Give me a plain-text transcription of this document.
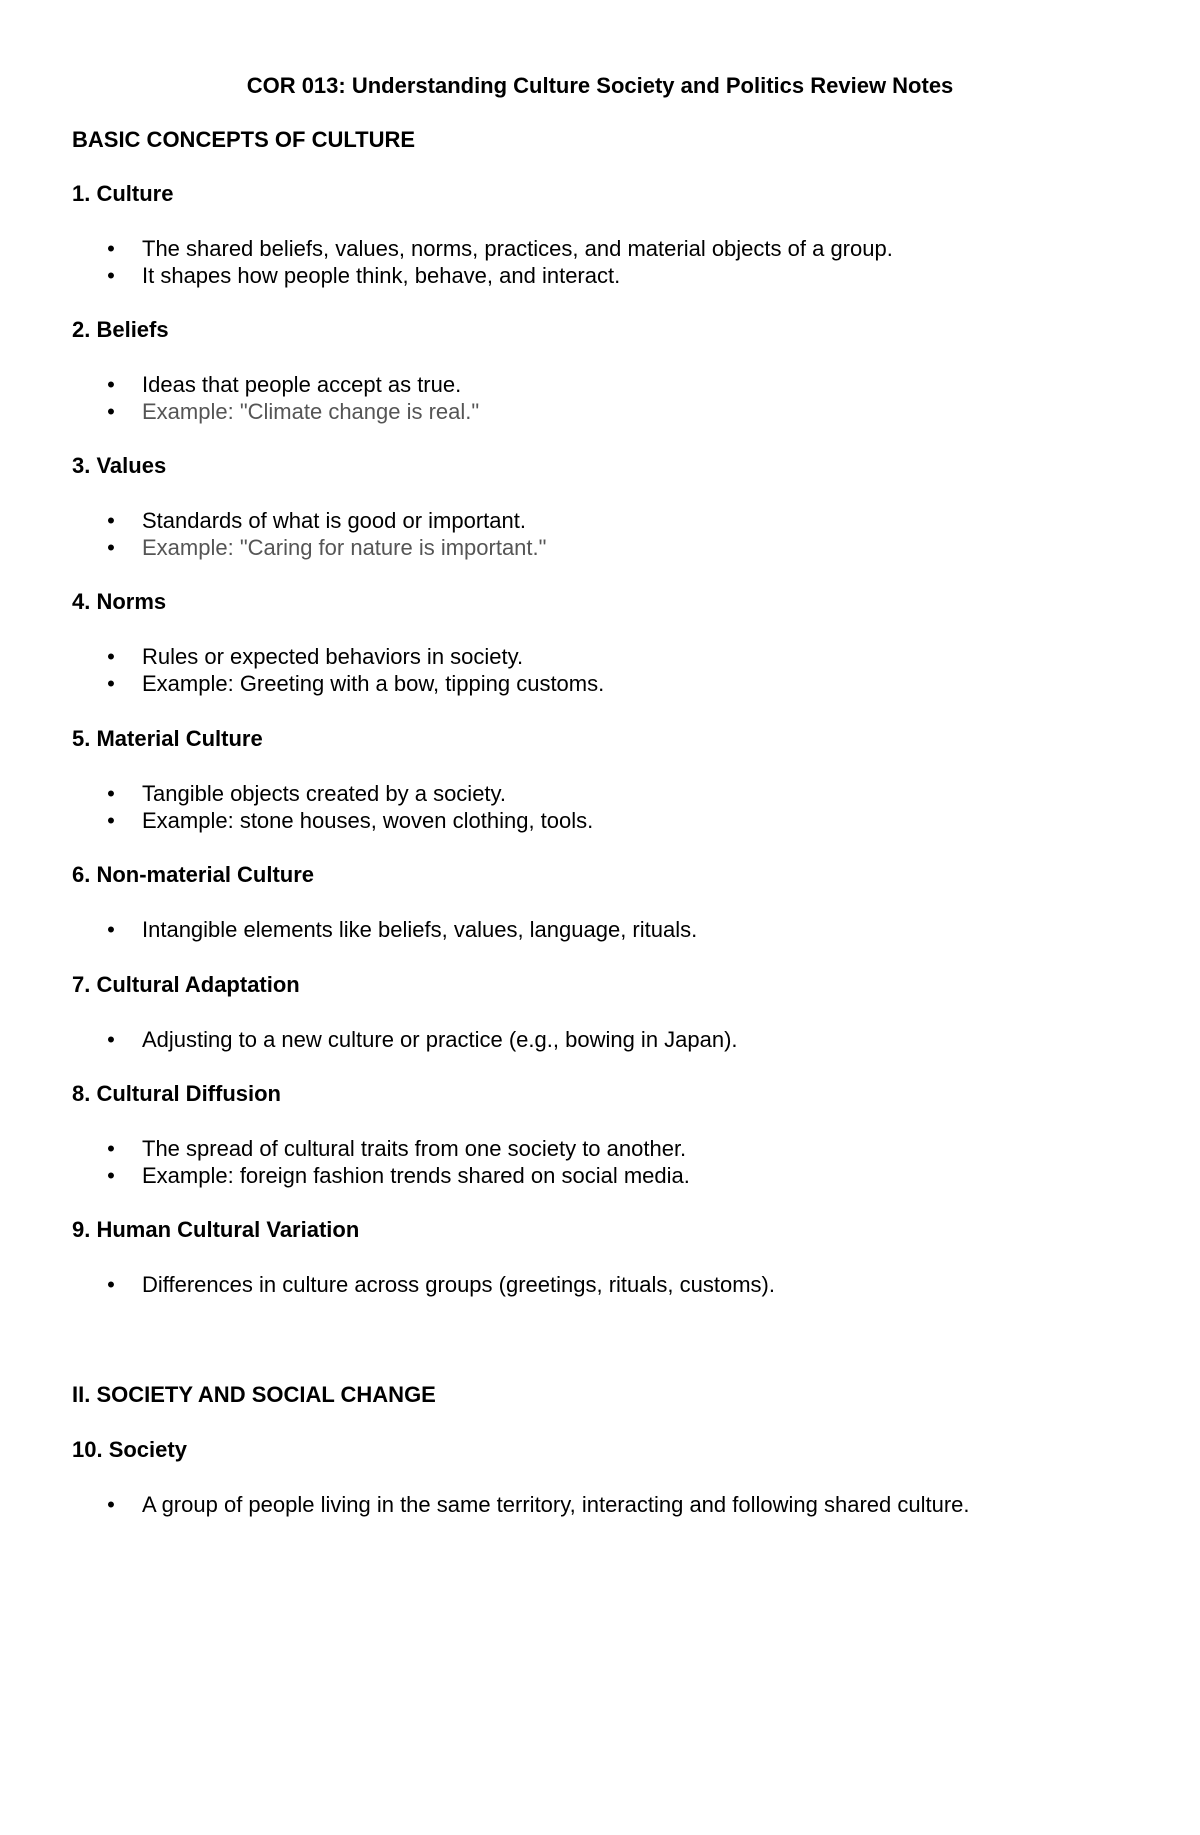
COR 013: Understanding Culture Society and Politics Review Notes
BASIC CONCEPTS OF CULTURE
1. Culture
• The shared beliefs, values, norms, practices, and material objects of a group.
• It shapes how people think, behave, and interact.
2. Beliefs
• Ideas that people accept as true.
• Example: "Climate change is real."
3. Values
• Standards of what is good or important.
• Example: "Caring for nature is important."
4. Norms
• Rules or expected behaviors in society.
• Example: Greeting with a bow, tipping customs.
5. Material Culture
• Tangible objects created by a society.
• Example: stone houses, woven clothing, tools.
6. Non-material Culture
• Intangible elements like beliefs, values, language, rituals.
7. Cultural Adaptation
• Adjusting to a new culture or practice (e.g., bowing in Japan).
8. Cultural Diffusion
• The spread of cultural traits from one society to another.
• Example: foreign fashion trends shared on social media.
9. Human Cultural Variation
• Differences in culture across groups (greetings, rituals, customs).
II. SOCIETY AND SOCIAL CHANGE
10. Society
• A group of people living in the same territory, interacting and following shared culture.
